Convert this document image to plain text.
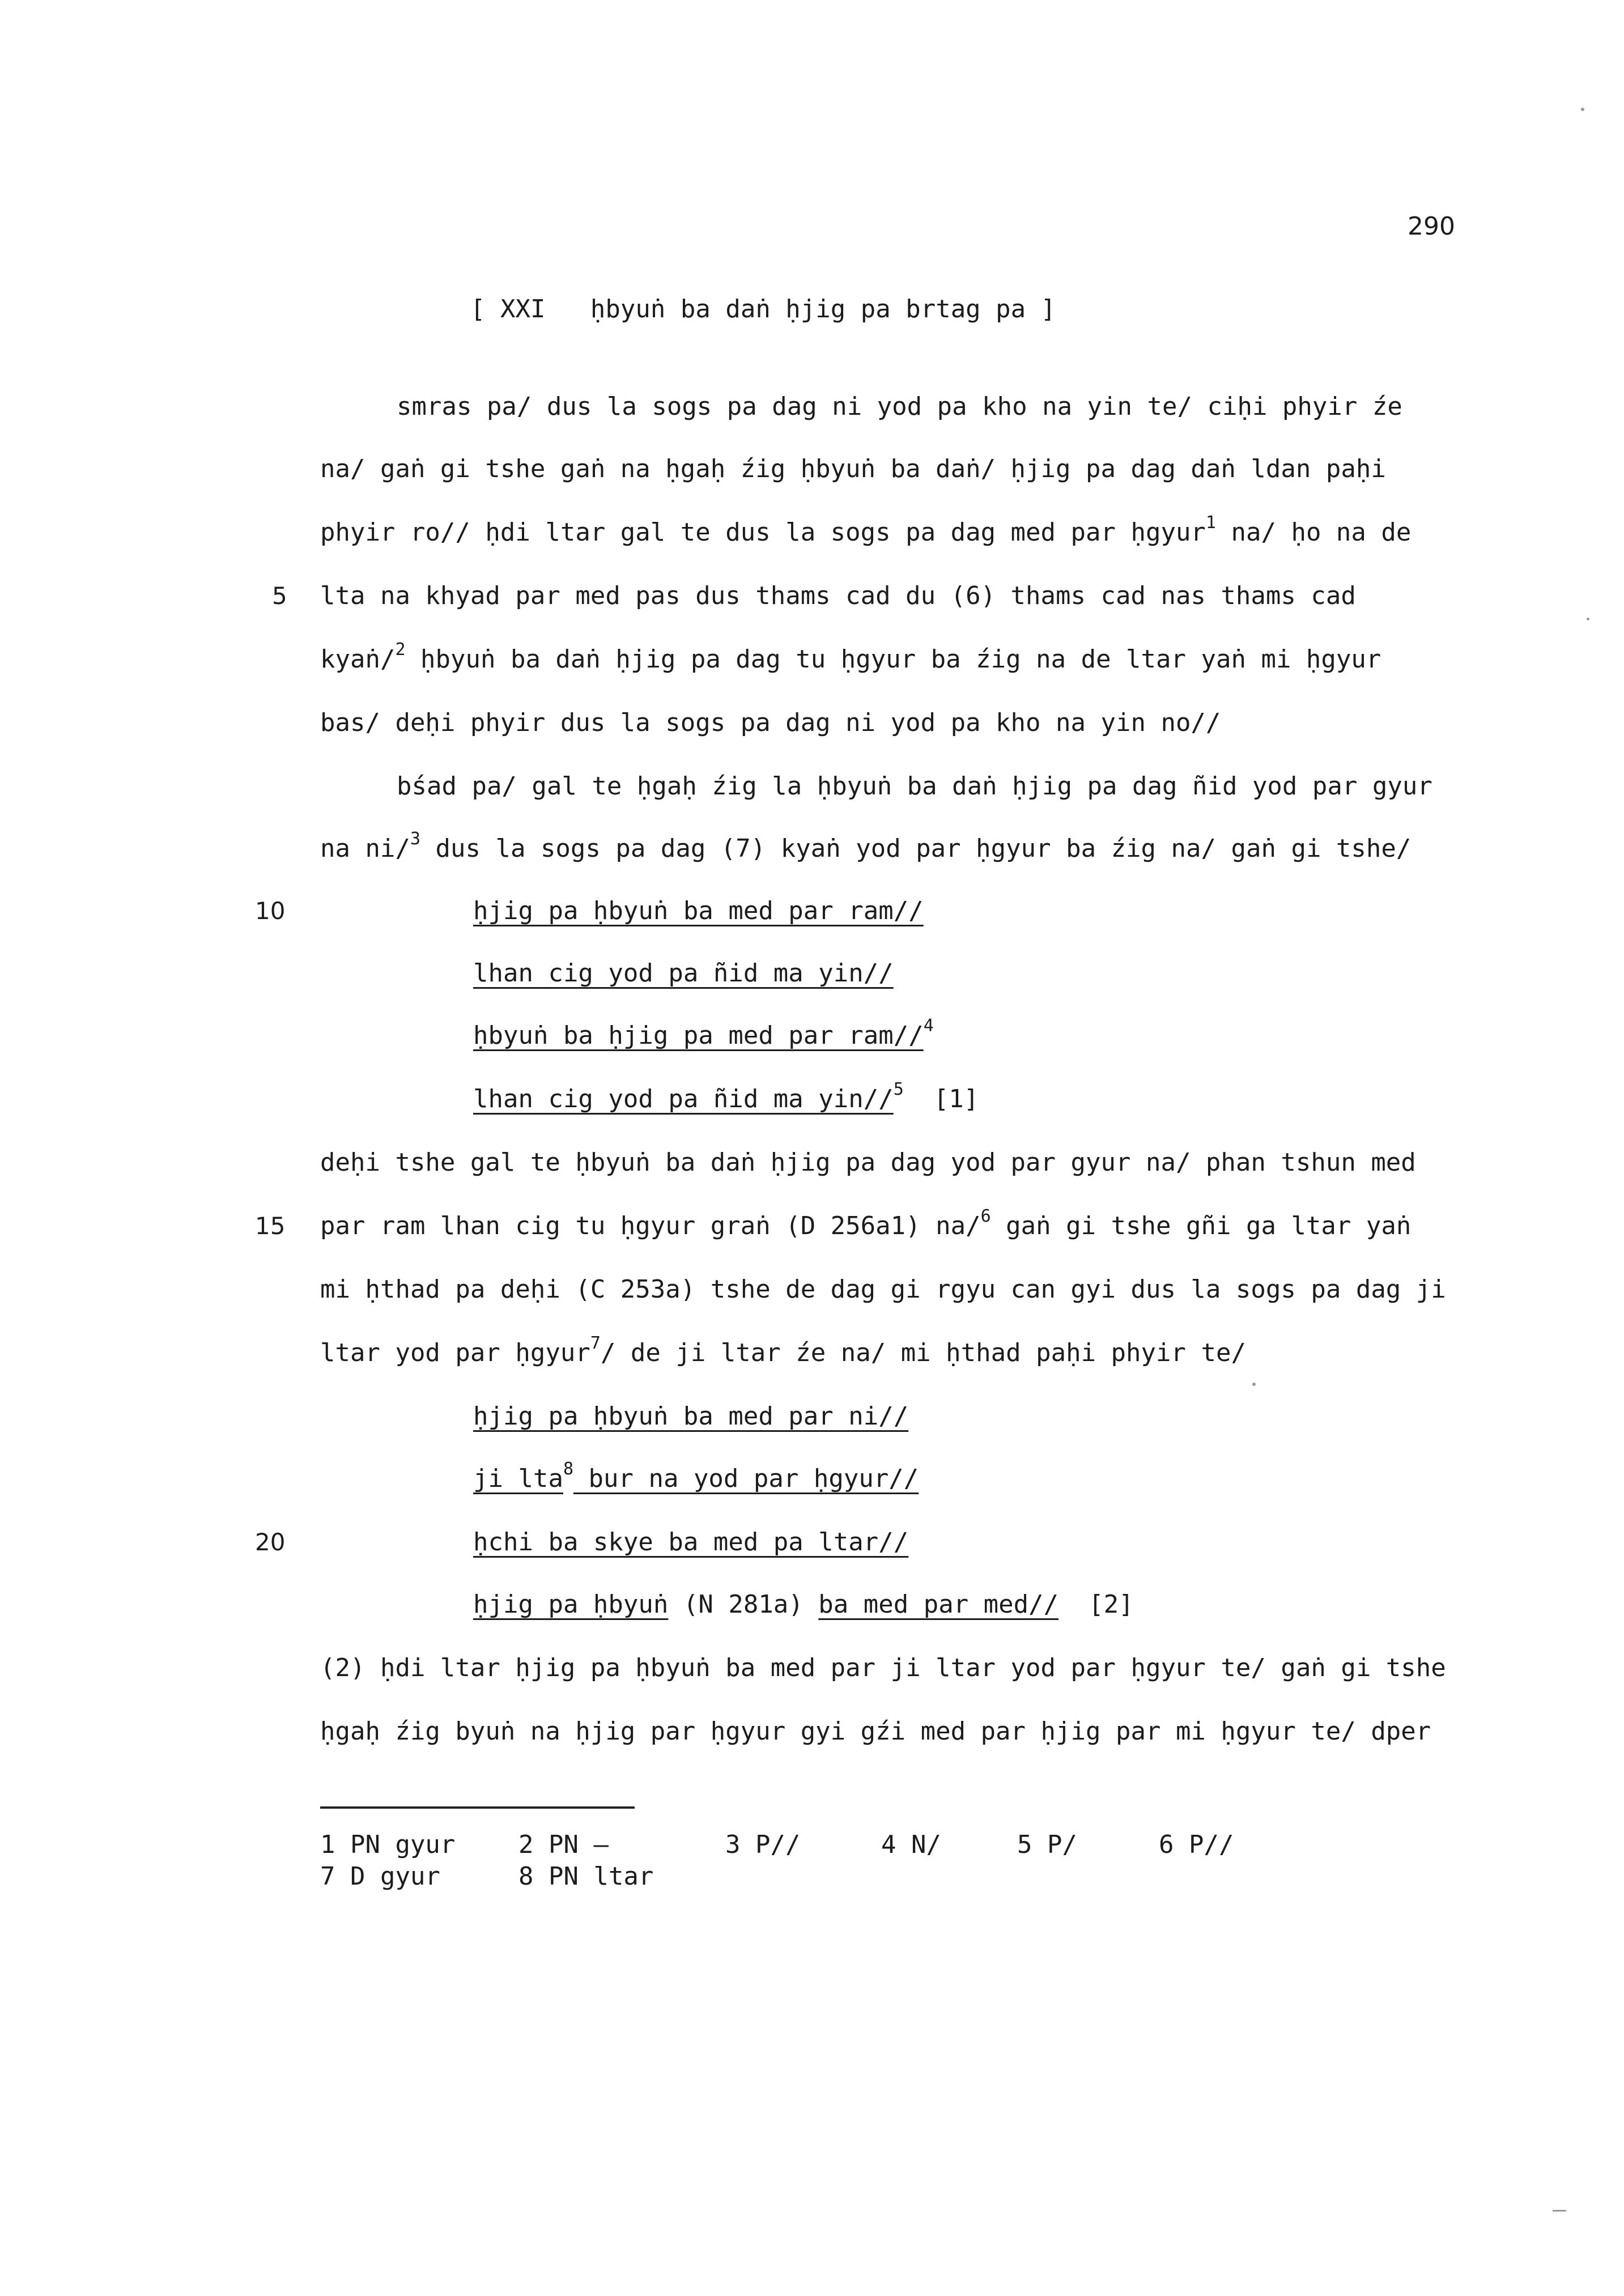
290
[ XXI   ḥbyuṅ ba daṅ ḥjig pa brtag pa ]
smras pa/ dus la sogs pa dag ni yod pa kho na yin te/ ciḥi phyir źe
na/ gaṅ gi tshe gaṅ na ḥgaḥ źig ḥbyuṅ ba daṅ/ ḥjig pa dag daṅ ldan paḥi
phyir ro// ḥdi ltar gal te dus la sogs pa dag med par ḥgyur$^1$ na/ ḥo na de
5 lta na khyad par med pas dus thams cad du (6) thams cad nas thams cad
kyaṅ/$^2$ ḥbyuṅ ba daṅ ḥjig pa dag tu ḥgyur ba źig na de ltar yaṅ mi ḥgyur
bas/ deḥi phyir dus la sogs pa dag ni yod pa kho na yin no//
bśad pa/ gal te ḥgaḥ źig la ḥbyuṅ ba daṅ ḥjig pa dag ñid yod par gyur
na ni/$^3$ dus la sogs pa dag (7) kyaṅ yod par ḥgyur ba źig na/ gaṅ gi tshe/
10	ḥjig pa ḥbyuṅ ba med par ram//
lhan cig yod pa ñid ma yin//
ḥbyuṅ ba ḥjig pa med par ram//$^4$
lhan cig yod pa ñid ma yin//$^5$  [1]
deḥi tshe gal te ḥbyuṅ ba daṅ ḥjig pa dag yod par gyur na/ phan tshun med
15 par ram lhan cig tu ḥgyur graṅ (D 256a1) na/$^6$ gaṅ gi tshe gñi ga ltar yaṅ
mi ḥthad pa deḥi (C 253a) tshe de dag gi rgyu can gyi dus la sogs pa dag ji
ltar yod par ḥgyur$^7$/ de ji ltar źe na/ mi ḥthad paḥi phyir te/
ḥjig pa ḥbyuṅ ba med par ni//
ji lta$^8$ bur na yod par ḥgyur//
20	ḥchi ba skye ba med pa ltar//
ḥjig pa ḥbyuṅ (N 281a) ba med par med//  [2]
(2) ḥdi ltar ḥjig pa ḥbyuṅ ba med par ji ltar yod par ḥgyur te/ gaṅ gi tshe
ḥgaḥ źig byuṅ na ḥjig par ḥgyur gyi gźi med par ḥjig par mi ḥgyur te/ dper
1 PN gyur	2 PN —	3 P//	4 N/	5 P/	6 P//
7 D gyur	8 PN ltar
